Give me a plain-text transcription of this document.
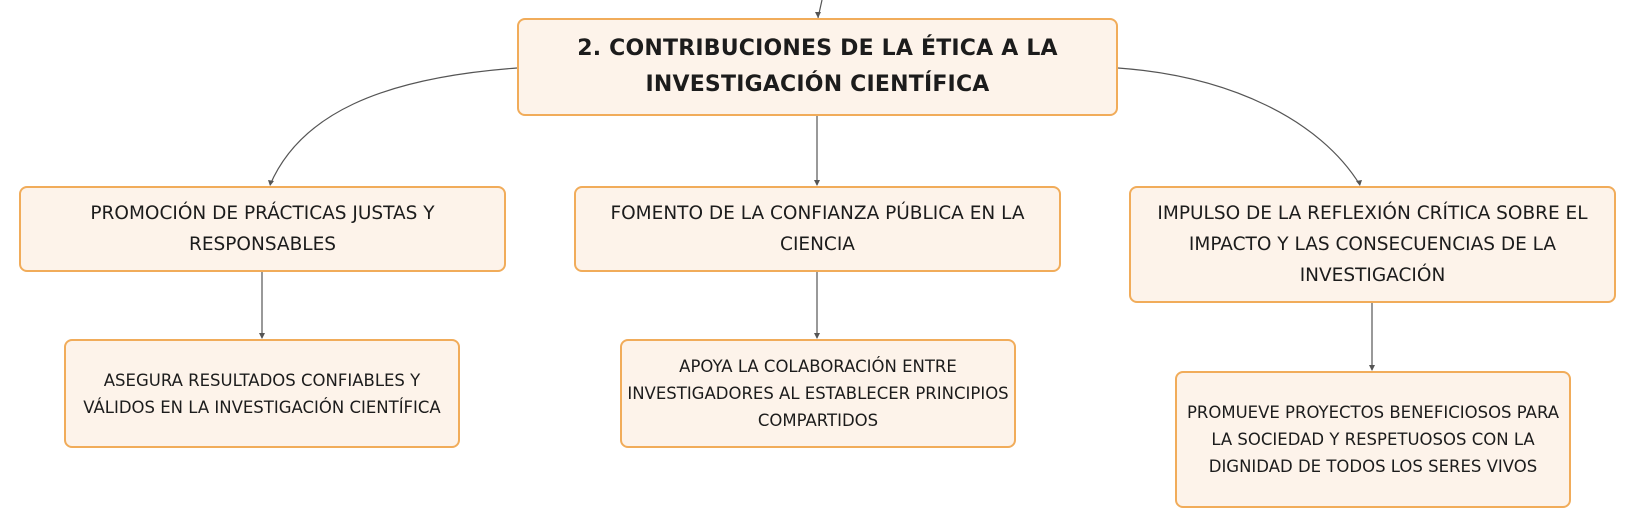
2. CONTRIBUCIONES DE LA ÉTICA A LA INVESTIGACIÓN CIENTÍFICA
PROMOCIÓN DE PRÁCTICAS JUSTAS Y RESPONSABLES
FOMENTO DE LA CONFIANZA PÚBLICA EN LA CIENCIA
IMPULSO DE LA REFLEXIÓN CRÍTICA SOBRE EL IMPACTO Y LAS CONSECUENCIAS DE LA INVESTIGACIÓN
ASEGURA RESULTADOS CONFIABLES Y VÁLIDOS EN LA INVESTIGACIÓN CIENTÍFICA
APOYA LA COLABORACIÓN ENTRE INVESTIGADORES AL ESTABLECER PRINCIPIOS COMPARTIDOS	PROMUEVE PROYECTOS BENEFICIOSOS PARA LA SOCIEDAD Y RESPETUOSOS CON LA DIGNIDAD DE TODOS LOS SERES VIVOS
